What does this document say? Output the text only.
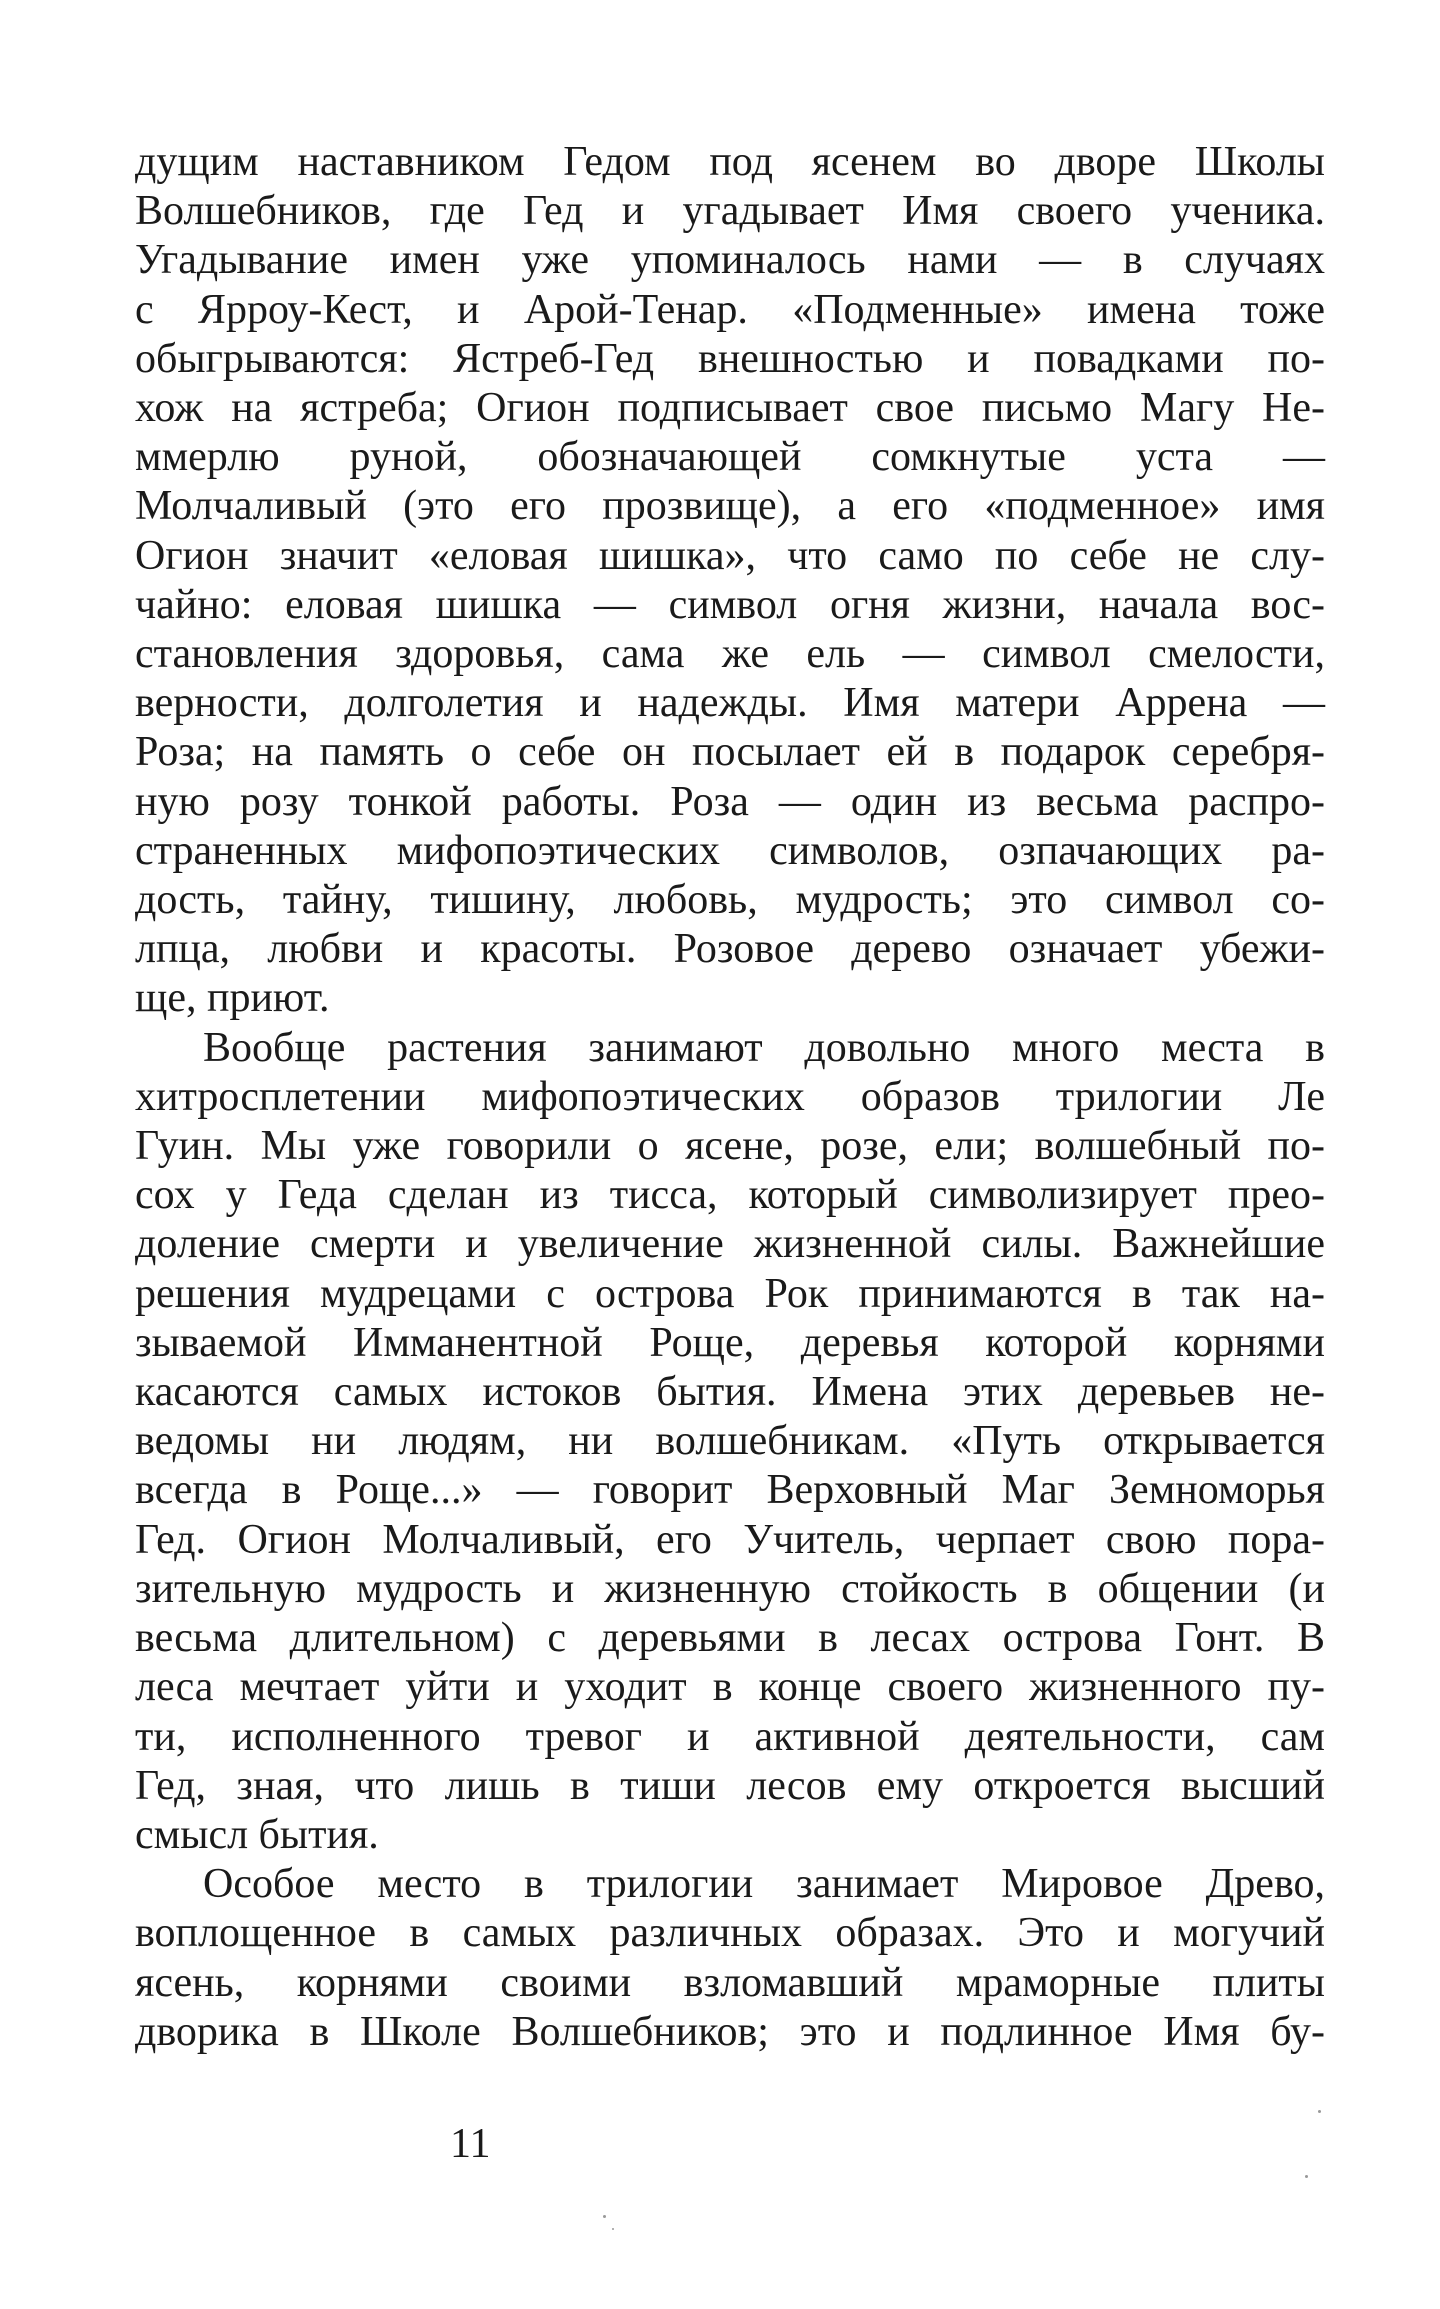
дущим наставником Гедом под ясенем во дворе Школы
Волшебников, где Гед и угадывает Имя своего ученика.
Угадывание имен уже упоминалось нами — в случаях
с Ярроу-Кест, и Арой-Тенар. «Подменные» имена тоже
обыгрываются: Ястреб-Гед внешностью и повадками по-
хож на ястреба; Огион подписывает свое письмо Магу Не-
ммерлю руной, обозначающей сомкнутые уста —
Молчаливый (это его прозвище), а его «подменное» имя
Огион значит «еловая шишка», что само по себе не слу-
чайно: еловая шишка — символ огня жизни, начала вос-
становления здоровья, сама же ель — символ смелости,
верности, долголетия и надежды. Имя матери Аррена —
Роза; на память о себе он посылает ей в подарок серебря-
ную розу тонкой работы. Роза — один из весьма распро-
страненных мифопоэтических символов, озпачающих ра-
дость, тайну, тишину, любовь, мудрость; это символ со-
лпца, любви и красоты. Розовое дерево означает убежи-
ще, приют.
Вообще растения занимают довольно много места в
хитросплетении мифопоэтических образов трилогии Ле
Гуин. Мы уже говорили о ясене, розе, ели; волшебный по-
сох у Геда сделан из тисса, который символизирует прео-
доление смерти и увеличение жизненной силы. Важнейшие
решения мудрецами с острова Рок принимаются в так на-
зываемой Имманентной Роще, деревья которой корнями
касаются самых истоков бытия. Имена этих деревьев не-
ведомы ни людям, ни волшебникам. «Путь открывается
всегда в Роще...» — говорит Верховный Маг Земноморья
Гед. Огион Молчаливый, его Учитель, черпает свою пора-
зительную мудрость и жизненную стойкость в общении (и
весьма длительном) с деревьями в лесах острова Гонт. В
леса мечтает уйти и уходит в конце своего жизненного пу-
ти, исполненного тревог и активной деятельности, сам
Гед, зная, что лишь в тиши лесов ему откроется высший
смысл бытия.
Особое место в трилогии занимает Мировое Древо,
воплощенное в самых различных образах. Это и могучий
ясень, корнями своими взломавший мраморные плиты
дворика в Школе Волшебников; это и подлинное Имя бу-
11
